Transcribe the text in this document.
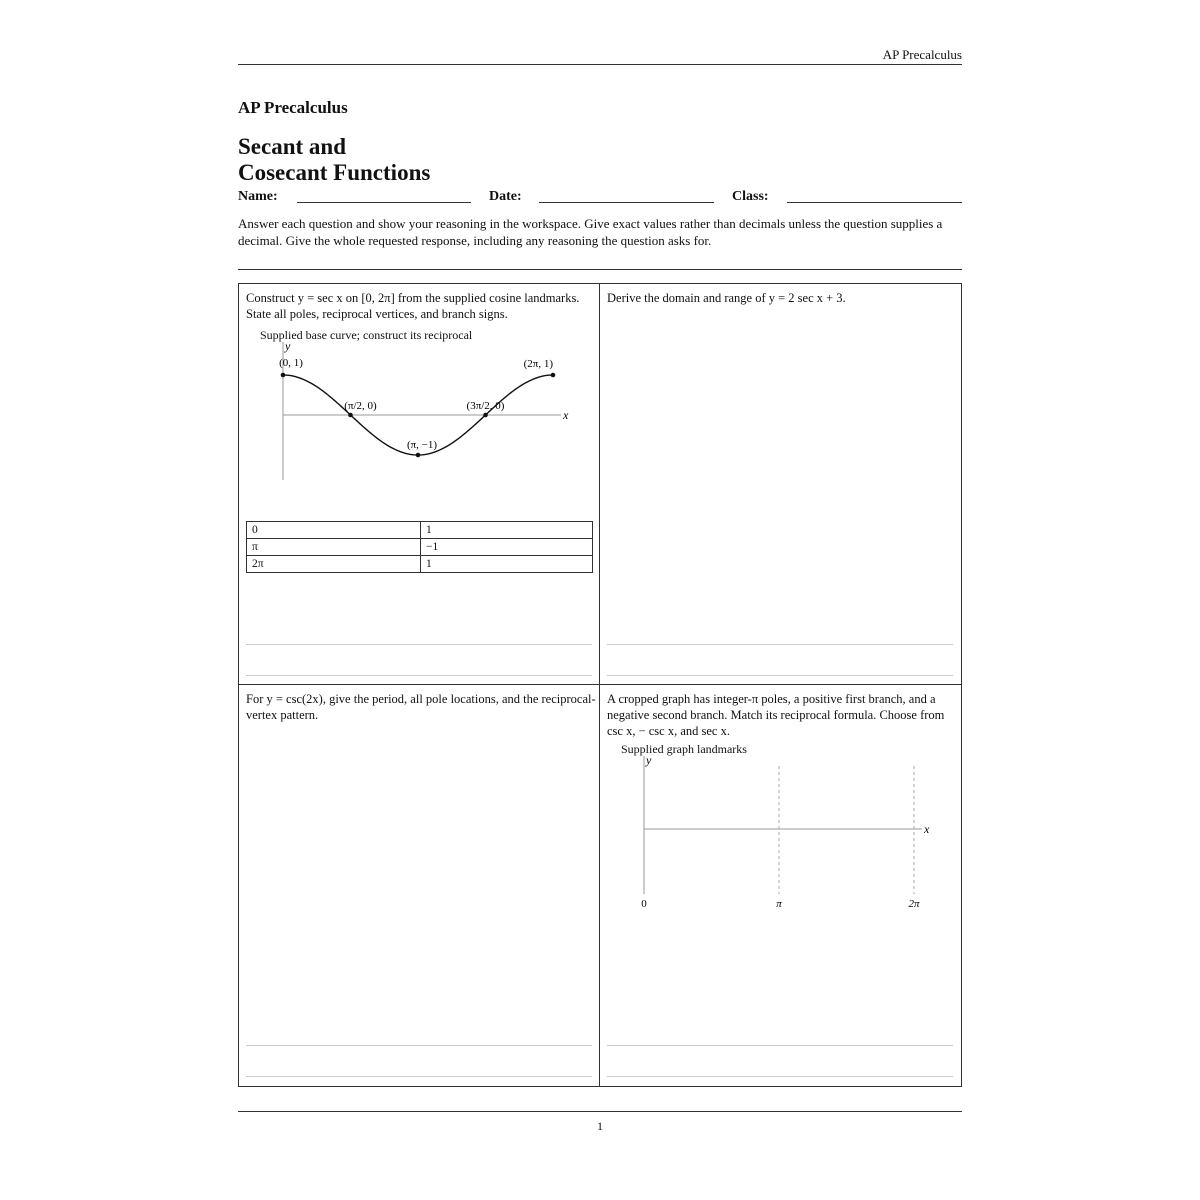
AP Precalculus
AP Precalculus
Secant and
Cosecant Functions
Name:	Date:	Class:
Answer each question and show your reasoning in the workspace. Give exact values rather than decimals unless the question supplies a decimal. Give the whole requested response, including any reasoning the question asks for.
Construct y = sec x on [0, 2π] from the supplied cosine landmarks. State all poles, reciprocal vertices, and branch signs.
Supplied base curve; construct its reciprocal
y
x
(0, 1)
(π/2, 0)
(π, −1)
(3π/2, 0)
(2π, 1)
0	1
π	−1
2π	1
Derive the domain and range of y = 2 sec x + 3.
For y = csc(2x), give the period, all pole locations, and the reciprocal-vertex pattern.
A cropped graph has integer-π poles, a positive first branch, and a negative second branch. Match its reciprocal formula. Choose from csc x, − csc x, and sec x.
Supplied graph landmarks
y
x
0	π	2π
1
